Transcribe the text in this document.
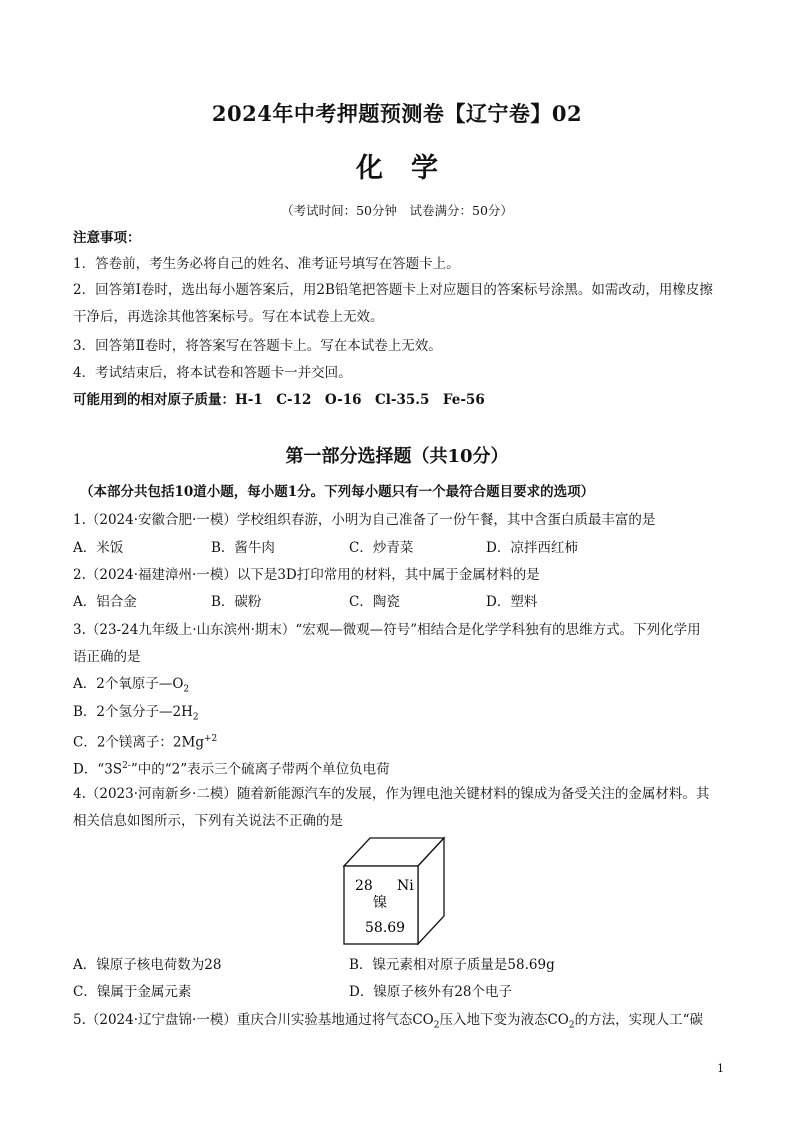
2024年中考押题预测卷【辽宁卷】02
化学
（考试时间：50分钟　试卷满分：50分）
注意事项：
1．答卷前，考生务必将自己的姓名、准考证号填写在答题卡上。
2．回答第Ⅰ卷时，选出每小题答案后，用2B铅笔把答题卡上对应题目的答案标号涂黑。如需改动，用橡皮擦干净后，再选涂其他答案标号。写在本试卷上无效。
3．回答第Ⅱ卷时，将答案写在答题卡上。写在本试卷上无效。
4．考试结束后，将本试卷和答题卡一并交回。
可能用到的相对原子质量：H-1　C-12　O-16　Cl-35.5　Fe-56
第一部分选择题（共10分）
（本部分共包括10道小题，每小题1分。下列每小题只有一个最符合题目要求的选项）
1.（2024·安徽合肥·一模）学校组织春游，小明为自己准备了一份午餐，其中含蛋白质最丰富的是
A．米饭	B．酱牛肉	C．炒青菜	D．凉拌西红柿
2.（2024·福建漳州·一模）以下是3D打印常用的材料，其中属于金属材料的是
A．铝合金	B．碳粉	C．陶瓷	D．塑料
3.（23-24九年级上·山东滨州·期末）“宏观—微观—符号”相结合是化学学科独有的思维方式。下列化学用
语正确的是
A．2个氧原子$—O_2$
B．2个氢分子$—2H_2$
C．2个镁离子：$2Mg^{+2}$
D．“$3S^{2-}$”中的“2”表示三个硫离子带两个单位负电荷
4.（2023·河南新乡·二模）随着新能源汽车的发展，作为锂电池关键材料的镍成为备受关注的金属材料。其
相关信息如图所示，下列有关说法不正确的是
28 Ni
镍
58.69
A．镍原子核电荷数为28	B．镍元素相对原子质量是58.69g
C．镍属于金属元素	D．镍原子核外有28个电子
5.（2024·辽宁盘锦·一模）重庆合川实验基地通过将气态$CO_2$压入地下变为液态$CO_2$的方法，实现人工“碳
1
